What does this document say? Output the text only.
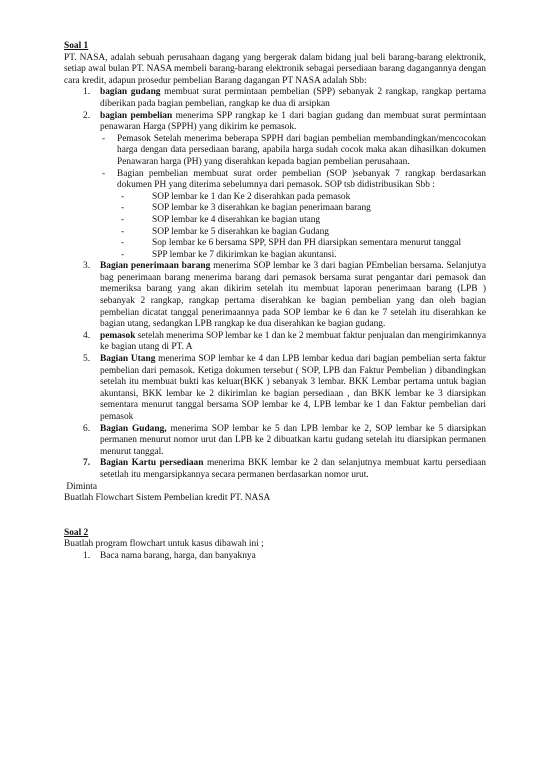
Soal 1

PT. NASA, adalah sebuah perusahaan dagang yang bergerak dalam bidang jual beli barang-barang elektronik, setiap awal bulan PT. NASA membeli barang-barang elektronik sebagai persediaan barang dagangannya dengan cara kredit, adapun prosedur pembelian Barang dagangan PT NASA adalah Sbb:

1. bagian gudang membuat surat permintaan pembelian (SPP) sebanyak 2 rangkap, rangkap pertama diberikan pada bagian pembelian, rangkap ke dua di arsipkan
2. bagian pembelian menerima SPP rangkap ke 1 dari bagian gudang dan membuat surat permintaan penawaran Harga (SPPH) yang dikirim ke pemasok.
- Pemasok Setelah menerima beberapa SPPH dari bagian pembelian membandingkan/mencocokan harga dengan data persediaan barang, apabila harga sudah cocok maka akan dihasilkan dokumen Penawaran harga (PH) yang diserahkan kepada bagian pembelian perusahaan.
- Bagian pembelian membuat surat order pembelian (SOP )sebanyak 7 rangkap berdasarkan dokumen PH yang diterima sebelumnya dari pemasok. SOP tsb didistribusikan Sbb :
-	SOP lembar ke 1 dan Ke 2 diserahkan pada pemasok
-	SOP lembar ke 3 diserahkan ke bagian penerimaan barang
-	SOP lembar ke 4 diserahkan ke bagian utang
-	SOP lembar ke 5 diserahkan ke bagian Gudang
-	Sop lembar ke 6 bersama SPP, SPH dan PH diarsipkan sementara menurut tanggal
-	SPP lembar ke 7 dikirimkan ke bagian akuntansi.
3. Bagian penerimaan barang menerima SOP lembar ke 3 dari bagian PEmbelian bersama. Selanjutya bag penerimaan barang menerima barang dari pemasok bersama surat pengantar dari pemasok dan memeriksa barang yang akan dikirim setelah itu membuat laporan penerimaan barang (LPB ) sebanyak 2 rangkap, rangkap pertama diserahkan ke bagian pembelian yang dan oleh bagian pembelian dicatat tanggal penerimaannya pada SOP lembar ke 6 dan ke 7 setelah itu diserahkan ke bagian utang, sedangkan LPB rangkap ke dua diserahkan ke bagian gudang.
4. pemasok setelah menerima SOP lembar ke 1 dan ke 2 membuat faktur penjualan dan mengirimkannya ke bagian utang di PT. A
5. Bagian Utang menerima SOP lembar ke 4 dan LPB lembar kedua dari bagian pembelian serta faktur pembelian dari pemasok. Ketiga dokumen tersebut ( SOP, LPB dan Faktur Pembelian ) dibandingkan setelah itu membuat bukti kas keluar(BKK ) sebanyak 3 lembar. BKK Lembar pertama untuk bagian akuntansi, BKK lembar ke 2 dikirimlan ke bagian persediaan , dan BKK lembar ke 3 diarsipkan sementara menurut tanggal bersama SOP lembar ke 4, LPB lembar ke 1 dan Faktur pembelian dari pemasok
6. Bagian Gudang, menerima SOP lembar ke 5 dan LPB lembar ke 2, SOP lembar ke 5 diarsipkan permanen menurut nomor urut dan LPB ke 2 dibuatkan kartu gudang setelah itu diarsipkan permanen menurut tanggal.
7. Bagian Kartu persediaan menerima BKK lembar ke 2 dan selanjutnya membuat kartu persediaan setetlah itu mengarsipkannya secara permanen berdasarkan nomor urut.

Diminta

Buatlah Flowchart Sistem Pembelian kredit PT. NASA

Soal 2

Buatlah program flowchart untuk kasus dibawah ini ;

1. Baca nama barang, harga, dan banyaknya
